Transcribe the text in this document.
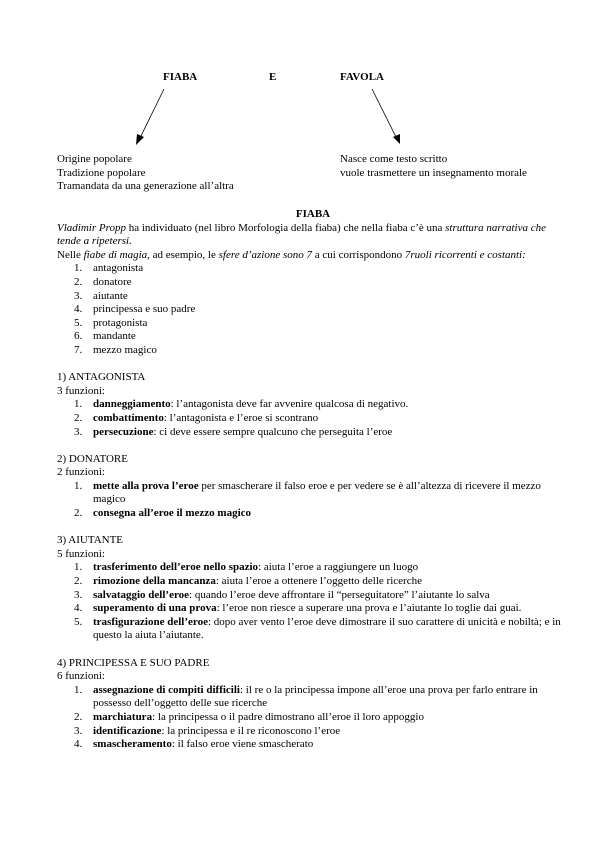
FIABA	E	FAVOLA
Origine popolare
Tradizione popolare
Tramandata da una generazione all’altra
Nasce come testo scritto
vuole trasmettere un insegnamento morale

FIABA

Vladimir Propp ha individuato (nel libro Morfologia della fiaba) che nella fiaba c’è una struttura narrativa che tende a ripetersi.

Nelle fiabe di magia, ad esempio, le sfere d’azione sono 7 a cui corrispondono 7ruoli ricorrenti e costanti:

1. antagonista
2. donatore
3. aiutante
4. principessa e suo padre
5. protagonista
6. mandante
7. mezzo magico

1) ANTAGONISTA

3 funzioni:

1. danneggiamento: l’antagonista deve far avvenire qualcosa di negativo.
2. combattimento: l’antagonista e l’eroe si scontrano
3. persecuzione: ci deve essere sempre qualcuno che perseguita l’eroe

2) DONATORE

2 funzioni:

1. mette alla prova l’eroe per smascherare il falso eroe e per vedere se è all’altezza di ricevere il mezzo magico
2. consegna all’eroe il mezzo magico

3) AIUTANTE

5 funzioni:

1. trasferimento dell’eroe nello spazio: aiuta l’eroe a raggiungere un luogo
2. rimozione della mancanza: aiuta l’eroe a ottenere l’oggetto delle ricerche
3. salvataggio dell’eroe: quando l’eroe deve affrontare il “perseguitatore” l’aiutante lo salva
4. superamento di una prova: l’eroe non riesce a superare una prova e l’aiutante lo toglie dai guai.
5. trasfigurazione dell’eroe: dopo aver vento l’eroe deve dimostrare il suo carattere di unicità e nobiltà; e in questo la aiuta l’aiutante.

4) PRINCIPESSA E SUO PADRE

6 funzioni:

1. assegnazione di compiti difficili: il re o la principessa impone all’eroe una prova per farlo entrare in possesso dell’oggetto delle sue ricerche
2. marchiatura: la principessa o il padre dimostrano all’eroe il loro appoggio
3. identificazione: la principessa e il re riconoscono l’eroe
4. smascheramento: il falso eroe viene smascherato
